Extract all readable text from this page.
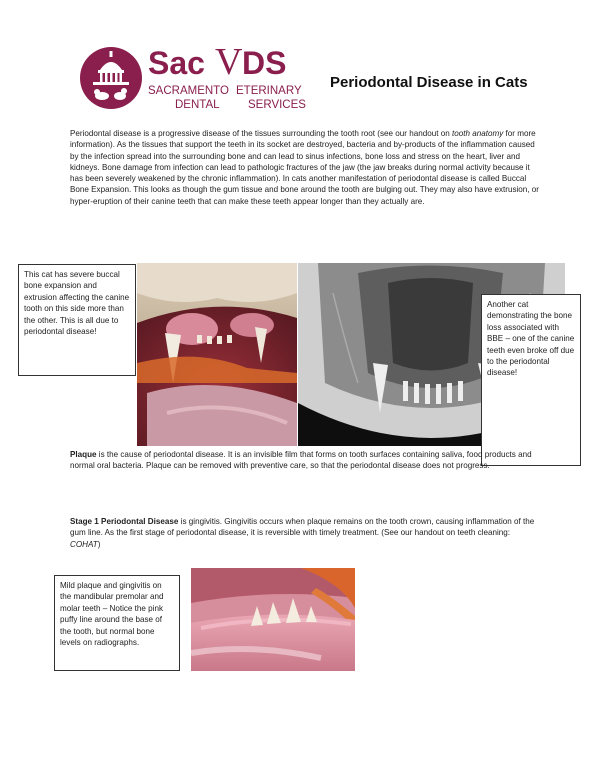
Sac V DS
SACRAMENTO ETERINARY
DENTAL SERVICES
Periodontal Disease in Cats
Periodontal disease is a progressive disease of the tissues surrounding the tooth root (see our handout on tooth anatomy for more information). As the tissues that support the teeth in its socket are destroyed, bacteria and by-products of the inflammation caused by the infection spread into the surrounding bone and can lead to sinus infections, bone loss and stress on the heart, liver and kidneys. Bone damage from infection can lead to pathologic fractures of the jaw (the jaw breaks during normal activity because it has been severely weakened by the chronic inflammation). In cats another manifestation of periodontal disease is called Buccal Bone Expansion. This looks as though the gum tissue and bone around the tooth are bulging out. They may also have extrusion, or hyper-eruption of their canine teeth that can make these teeth appear longer than they actually are.
This cat has severe buccal bone expansion and extrusion affecting the canine tooth on this side more than the other. This is all due to periodontal disease!
Another cat demonstrating the bone loss associated with BBE – one of the canine teeth even broke off due to the periodontal disease!
Plaque is the cause of periodontal disease. It is an invisible film that forms on tooth surfaces containing saliva, food products and normal oral bacteria. Plaque can be removed with preventive care, so that the periodontal disease does not progress.
Stage 1 Periodontal Disease is gingivitis. Gingivitis occurs when plaque remains on the tooth crown, causing inflammation of the gum line. As the first stage of periodontal disease, it is reversible with timely treatment. (See our handout on teeth cleaning: COHAT)
Mild plaque and gingivitis on the mandibular premolar and molar teeth – Notice the pink puffy line around the base of the tooth, but normal bone levels on radiographs.
